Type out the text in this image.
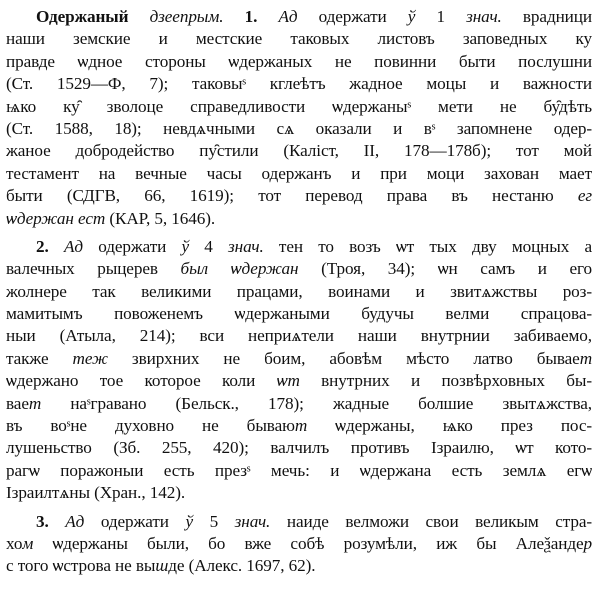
Одержаный дзеепрым. 1. Ад одержати ў 1 знач. врадници
наши земские и местские таковых листовъ заповедных ку
правде ѡдное стороны ѡдержаных не повинни быти послушни
(Ст. 1529—Ф, 7); таковыˢ кглеѣтъ жадное моцы и важности
ѩко ку̑ зволоце справедливости ѡдержаныˢ мети не бу̑дѣть
(Ст. 1588, 18); невдѧчными сѧ оказали и вˢ запомнене одер-
жаное добродейство пу̑стили (Каліст, II, 178—178б); тот мой
тестамент на вечные часы одержанъ и при моци захован мает
быти (СДГВ, 66, 1619); тот перевод права въ нестаню ег
ѡдержан ест (КАР, 5, 1646).
2. Ад одержати ў 4 знач. тен то возъ ѡт тых дву моцных а
валечных рыцерев был ѡдержан (Троя, 34); ѡн самъ и его
жолнере так великими працами, воинами и звитѧжствы роз-
мамитымъ повоженемъ ѡдержаными будучы велми спрацова-
ныи (Атыла, 214); вси неприѧтели наши внутрнии забиваемо,
также теж звирхних не боим, абовѣм мѣсто латво бывает
ѡдержано тое которое коли ѡт внутрних и позвѣрховных бы-
вает наˢгравано (Бельск., 178); жадные болшие звытѧжства,
въ воˢне духовно не бывают ѡдержаны, ѩко през пос-
лушеньство (Зб. 255, 420); валчилъ противъ Ізраилю, ѡт кото-
рагѡ поражоныи есть презˢ мечь: и ѡдержана есть землѧ егѡ
Ізраилтѧны (Хран., 142).
3. Ад одержати ў 5 знач. наиде велможи свои великым стра-
хом ѡдержаны были, бо вже собѣ розумѣли, иж бы Алеѯандер
с того ѡстрова не вышде (Алекс. 1697, 62).
